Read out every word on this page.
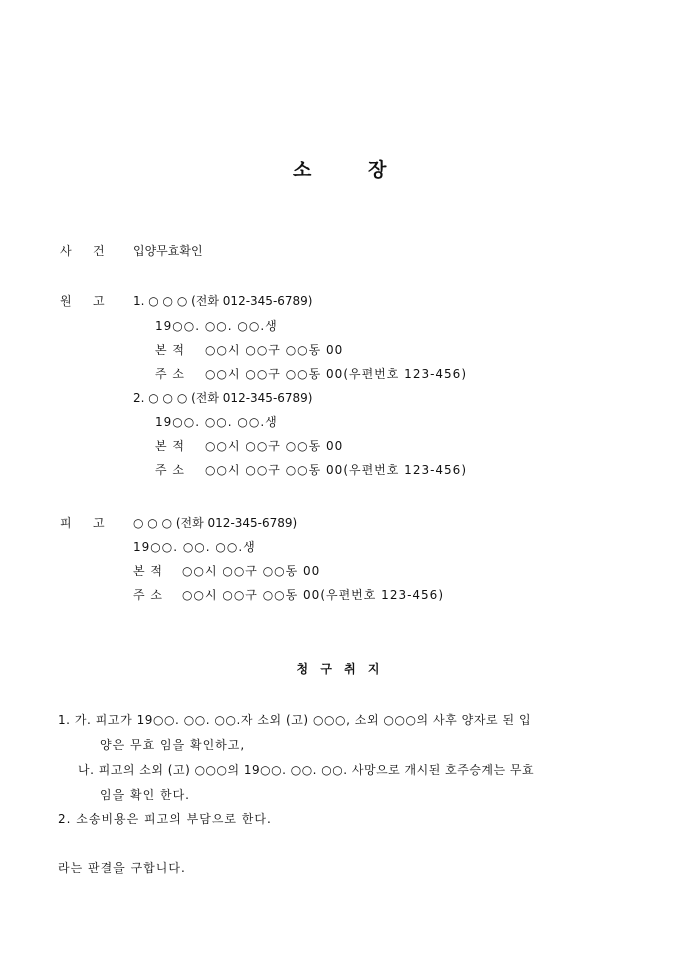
소	장
사 건 입양무효확인
원 고 1. ○ ○ ○ (전화 012-345-6789)
19○○. ○○. ○○.생
본 적 ○○시 ○○구 ○○동 00
주 소 ○○시 ○○구 ○○동 00(우편번호 123-456)
2. ○ ○ ○ (전화 012-345-6789)
19○○. ○○. ○○.생
본 적 ○○시 ○○구 ○○동 00
주 소 ○○시 ○○구 ○○동 00(우편번호 123-456)
피 고 ○ ○ ○ (전화 012-345-6789)
19○○. ○○. ○○.생
본 적 ○○시 ○○구 ○○동 00
주 소 ○○시 ○○구 ○○동 00(우편번호 123-456)
청 구 취 지
1. 가. 피고가 19○○. ○○. ○○.자 소외 (고) ○○○, 소외 ○○○의 사후 양자로 된 입
양은 무효 임을 확인하고,
나. 피고의 소외 (고) ○○○의 19○○. ○○. ○○. 사망으로 개시된 호주승계는 무효
임을 확인 한다.
2. 소송비용은 피고의 부담으로 한다.
라는 판결을 구합니다.
